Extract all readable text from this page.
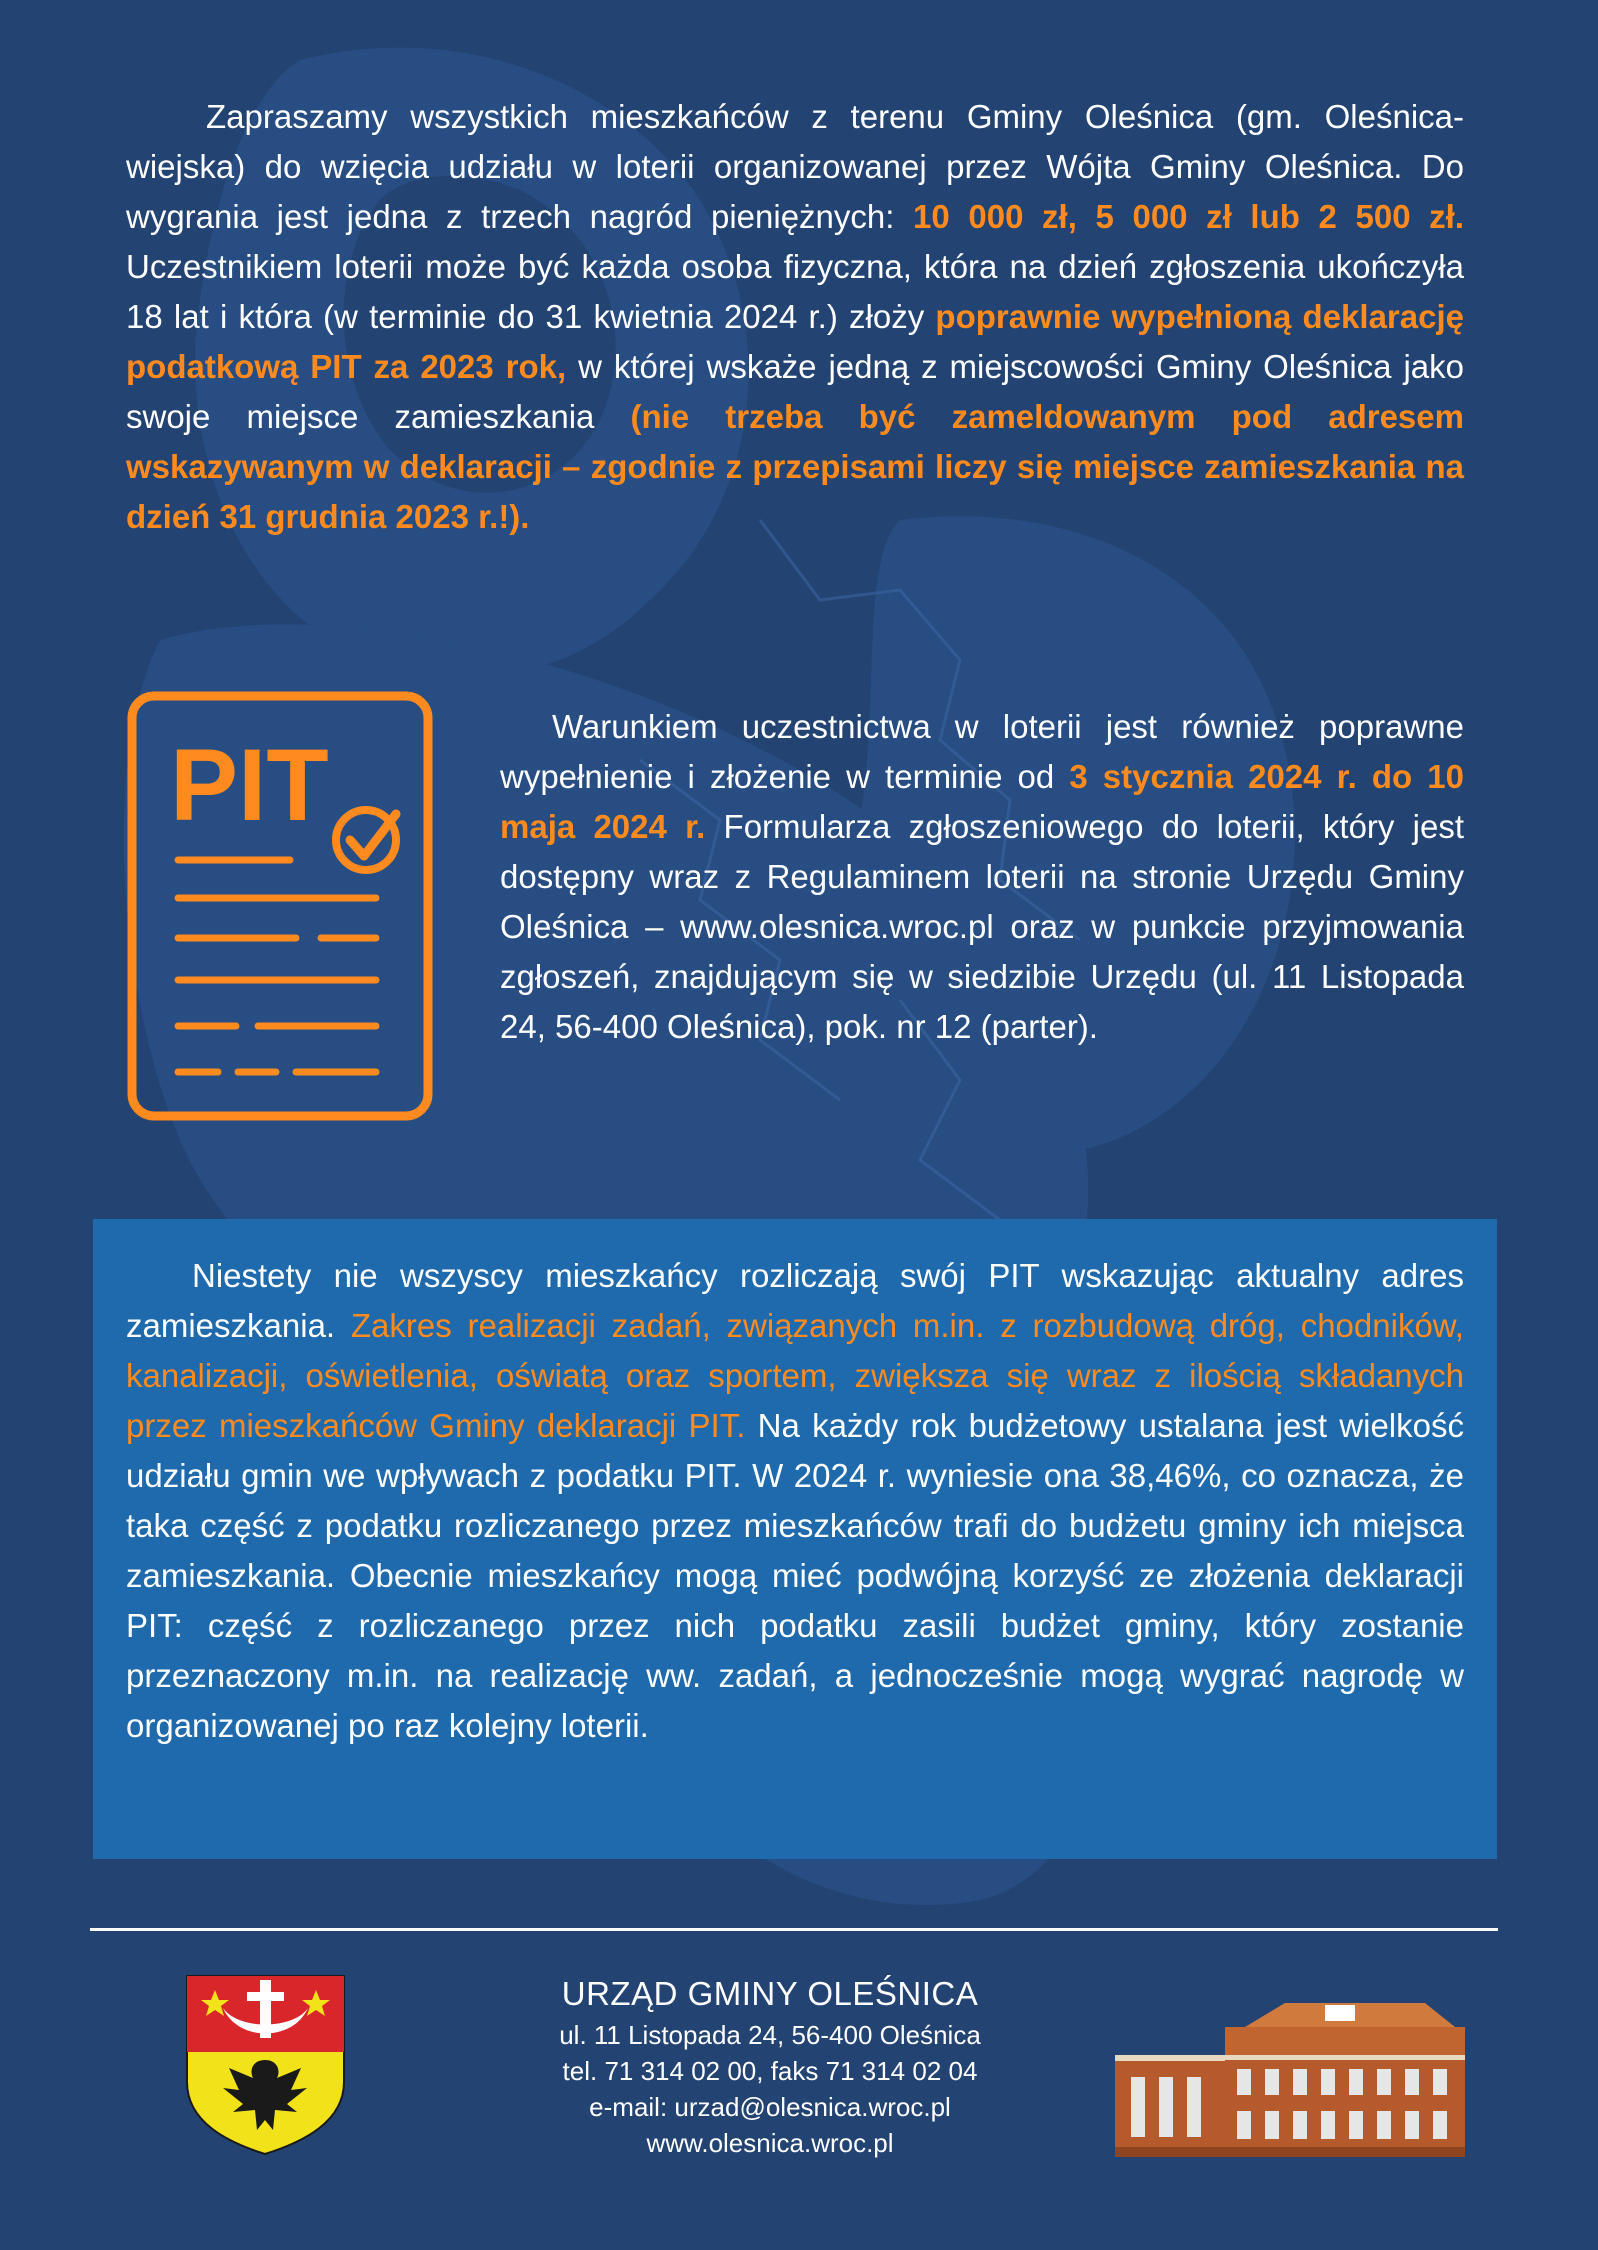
Zapraszamy wszystkich mieszkańców z terenu Gminy Oleśnica (gm. Oleśnica-wiejska) do wzięcia udziału w loterii organizowanej przez Wójta Gminy Oleśnica. Do wygrania jest jedna z trzech nagród pieniężnych: 10 000 zł, 5 000 zł lub 2 500 zł. Uczestnikiem loterii może być każda osoba fizyczna, która na dzień zgłoszenia ukończyła 18 lat i która (w terminie do 31 kwietnia 2024 r.) złoży poprawnie wypełnioną deklarację podatkową PIT za 2023 rok, w której wskaże jedną z miejscowości Gminy Oleśnica jako swoje miejsce zamieszkania (nie trzeba być zameldowanym pod adresem wskazywanym w deklaracji – zgodnie z przepisami liczy się miejsce zamieszkania na dzień 31 grudnia 2023 r.!).

PIT

Warunkiem uczestnictwa w loterii jest również poprawne wypełnienie i złożenie w terminie od 3 stycznia 2024 r. do 10 maja 2024 r. Formularza zgłoszeniowego do loterii, który jest dostępny wraz z Regulaminem loterii na stronie Urzędu Gminy Oleśnica – www.olesnica.wroc.pl oraz w punkcie przyjmowania zgłoszeń, znajdującym się w siedzibie Urzędu (ul. 11 Listopada 24, 56-400 Oleśnica), pok. nr 12 (parter).

Niestety nie wszyscy mieszkańcy rozliczają swój PIT wskazując aktualny adres zamieszkania. Zakres realizacji zadań, związanych m.in. z rozbudową dróg, chodników, kanalizacji, oświetlenia, oświatą oraz sportem, zwiększa się wraz z ilością składanych przez mieszkańców Gminy deklaracji PIT. Na każdy rok budżetowy ustalana jest wielkość udziału gmin we wpływach z podatku PIT. W 2024 r. wyniesie ona 38,46%, co oznacza, że taka część z podatku rozliczanego przez mieszkańców trafi do budżetu gminy ich miejsca zamieszkania. Obecnie mieszkańcy mogą mieć podwójną korzyść ze złożenia deklaracji PIT: część z rozliczanego przez nich podatku zasili budżet gminy, który zostanie przeznaczony m.in. na realizację ww. zadań, a jednocześnie mogą wygrać nagrodę w organizowanej po raz kolejny loterii.

URZĄD GMINY OLEŚNICA

ul. 11 Listopada 24, 56-400 Oleśnica

tel. 71 314 02 00, faks 71 314 02 04

e-mail: urzad@olesnica.wroc.pl

www.olesnica.wroc.pl
